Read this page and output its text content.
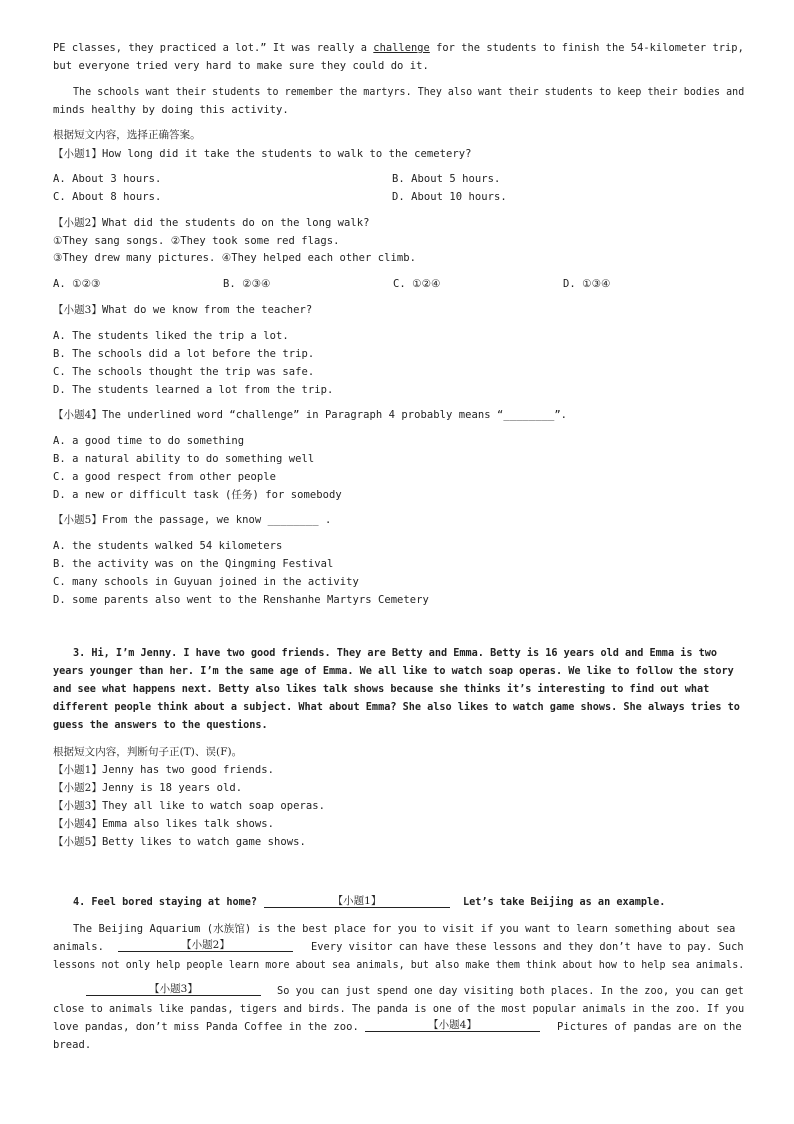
PE classes, they practiced a lot.” It was really a challenge for the students to finish the 54-kilometer trip,
but everyone tried very hard to make sure they could do it.
The schools want their students to remember the martyrs. They also want their students to keep their bodies and
minds healthy by doing this activity.
根据短文内容，选择正确答案。
【小题1】How long did it take the students to walk to the cemetery?
A. About 3 hours.	B. About 5 hours.
C. About 8 hours.	D. About 10 hours.
【小题2】What did the students do on the long walk?
①They sang songs. ②They took some red flags.
③They drew many pictures. ④They helped each other climb.
A. ①②③	B. ②③④	C. ①②④	D. ①③④
【小题3】What do we know from the teacher?
A. The students liked the trip a lot.
B. The schools did a lot before the trip.
C. The schools thought the trip was safe.
D. The students learned a lot from the trip.
【小题4】The underlined word “challenge” in Paragraph 4 probably means “________”.
A. a good time to do something
B. a natural ability to do something well
C. a good respect from other people
D. a new or difficult task (任务) for somebody
【小题5】From the passage, we know ________ .
A. the students walked 54 kilometers
B. the activity was on the Qingming Festival
C. many schools in Guyuan joined in the activity
D. some parents also went to the Renshanhe Martyrs Cemetery
3. Hi, I’m Jenny. I have two good friends. They are Betty and Emma. Betty is 16 years old and Emma is two
years younger than her. I’m the same age of Emma. We all like to watch soap operas. We like to follow the story
and see what happens next. Betty also likes talk shows because she thinks it’s interesting to find out what
different people think about a subject. What about Emma? She also likes to watch game shows. She always tries to
guess the answers to the questions.
根据短文内容，判断句子正(T)、误(F)。
【小题1】Jenny has two good friends.
【小题2】Jenny is 18 years old.
【小题3】They all like to watch soap operas.
【小题4】Emma also likes talk shows.
【小题5】Betty likes to watch game shows.
4. Feel bored staying at home?	【小题1】	Let’s take Beijing as an example.
The Beijing Aquarium (水族馆) is the best place for you to visit if you want to learn something about sea
animals.	【小题2】	Every visitor can have these lessons and they don’t have to pay. Such
lessons not only help people learn more about sea animals, but also make them think about how to help sea animals.
【小题3】	So you can just spend one day visiting both places. In the zoo, you can get
close to animals like pandas, tigers and birds. The panda is one of the most popular animals in the zoo. If you
love pandas, don’t miss Panda Coffee in the zoo.	【小题4】	Pictures of pandas are on the
bread.
